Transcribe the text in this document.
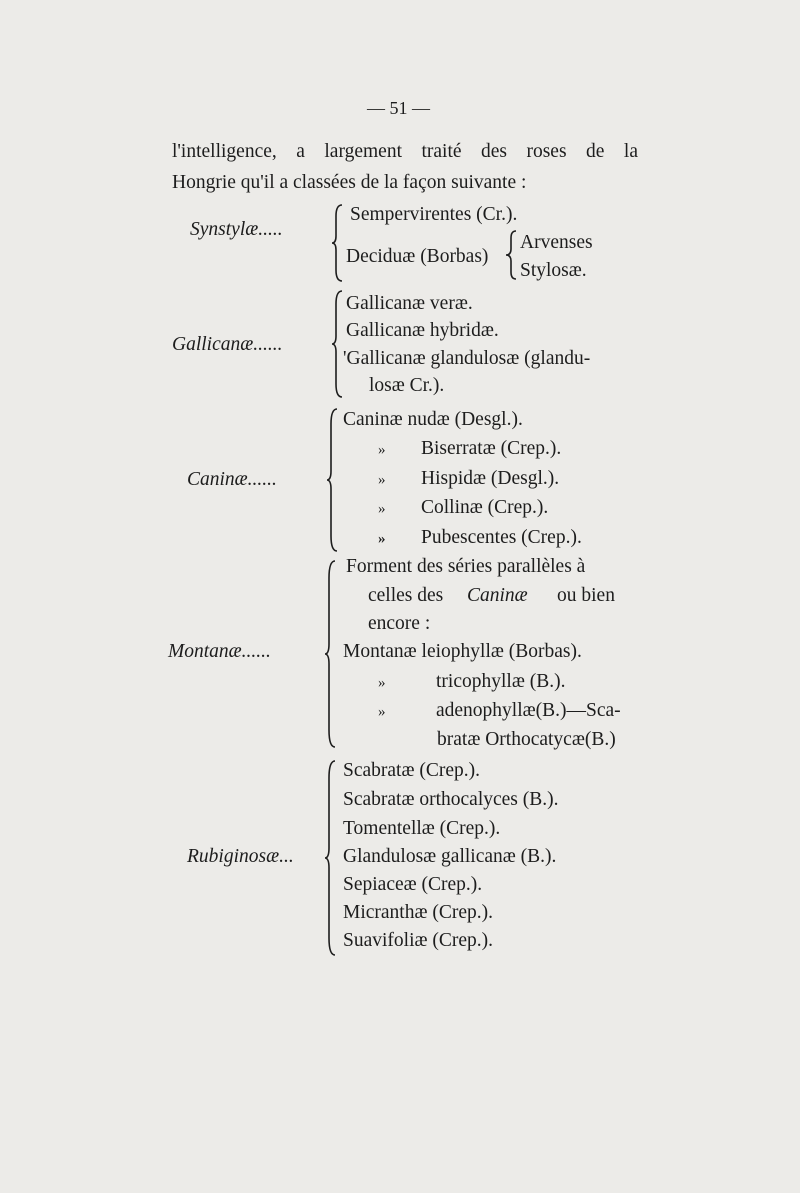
— 51 —
l'intelligence, a largement traité des roses de la
Hongrie qu'il a classées de la façon suivante :
Synstylæ.....
Sempervirentes (Cr.).
Deciduæ (Borbas)
Arvenses
Stylosæ.
Gallicanæ......
Gallicanæ veræ.
Gallicanæ hybridæ.
'Gallicanæ glandulosæ (glandu-
losæ Cr.).
Caninæ......
Caninæ nudæ (Desgl.).
» Biserratæ (Crep.).
» Hispidæ (Desgl.).
» Collinæ (Crep.).
» Pubescentes (Crep.).
Montanæ......
Forment des séries parallèles à
celles des Caninæ ou bien
encore :
Montanæ leiophyllæ (Borbas).
»	tricophyllæ (B.).
»	adenophyllæ(B.)—Sca-
bratæ Orthocatycæ(B.)
Rubiginosæ...
Scabratæ (Crep.).
Scabratæ orthocalyces (B.).
Tomentellæ (Crep.).
Glandulosæ gallicanæ (B.).
Sepiaceæ (Crep.).
Micranthæ (Crep.).
Suavifoliæ (Crep.).
